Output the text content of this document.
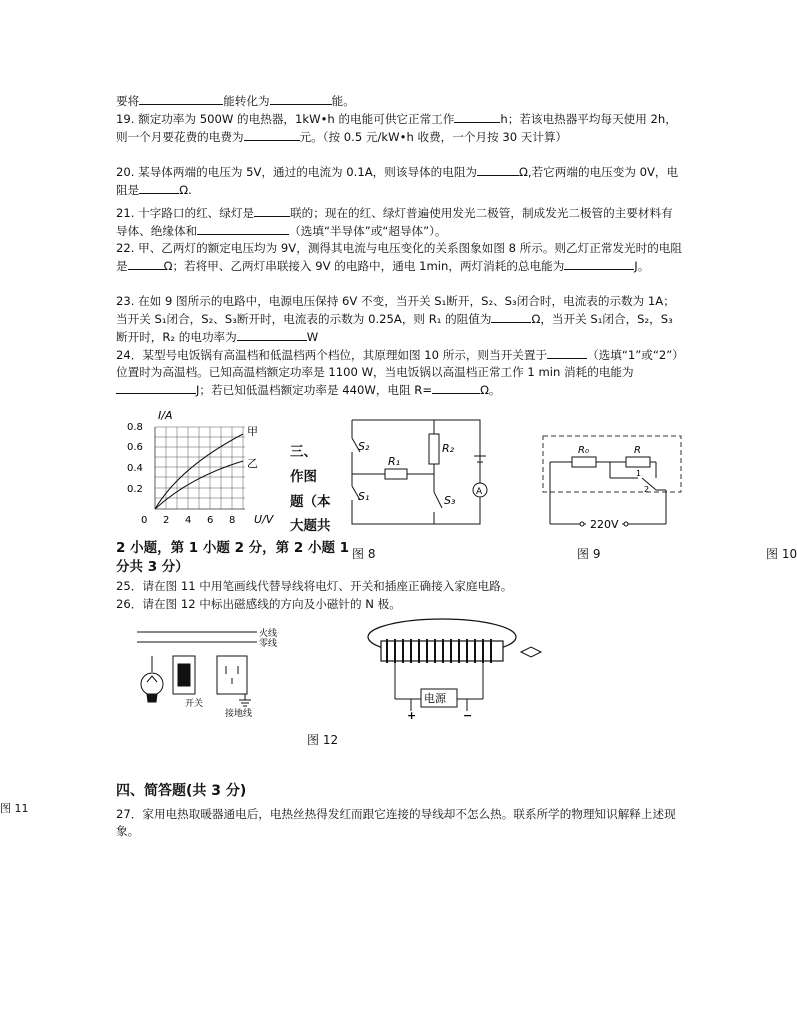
要将	能转化为	能。

19. 额定功率为 500W 的电热器，1kW•h 的电能可供它正常工作	h；若该电热器平均每天使用 2h，则一个月要花费的电费为	元。（按 0.5 元/kW•h 收费，一个月按 30 天计算）

20. 某导体两端的电压为 5V，通过的电流为 0.1A，则该导体的电阻为	Ω,若它两端的电压变为 0V，电阻是	Ω.

21. 十字路口的红、绿灯是	联的；现在的红、绿灯普遍使用发光二极管，制成发光二极管的主要材料有导体、绝缘体和	（选填“半导体”或“超导体”）。

22. 甲、乙两灯的额定电压均为 9V，测得其电流与电压变化的关系图象如图 8 所示。则乙灯正常发光时的电阻是	Ω；若将甲、乙两灯串联接入 9V 的电路中，通电 1min，两灯消耗的总电能为	J。

23. 在如 9 图所示的电路中，电源电压保持 6V 不变，当开关 S₁断开，S₂、S₃闭合时，电流表的示数为 1A；当开关 S₁闭合，S₂、S₃断开时，电流表的示数为 0.25A，则 R₁ 的阻值为	Ω，当开关 S₁闭合，S₂，S₃断开时，R₂ 的电功率为	W

24．某型号电饭锅有高温档和低温档两个档位，其原理如图 10 所示，则当开关置于	（选填“1”或“2”）位置时为高温档。已知高温档额定功率是 1100 W，当电饭锅以高温档正常工作 1 min 消耗的电能为J；若已知低温档额定功率是 440W，电阻 R=	Ω。

I/A
U/V
甲
乙
0.8
0.6
0.4
0.2
0 2 4 6 8
三、
作图
题（本
大题共
2 小题，第 1 小题 2 分，第 2 小题 1
分共 3 分）
S₂
S₁	S₃
R₁
R₂
A
R₀	R
1
2
220V
图 8	图 9	图 10

25．请在图 11 中用笔画线代替导线将电灯、开关和插座正确接入家庭电路。

26．请在图 12 中标出磁感线的方向及小磁针的 N 极。

火线
零线
开关
接地线
电源
+	−
图 12
四、简答题(共 3 分)
图 11	27．家用电热取暖器通电后，电热丝热得发红而跟它连接的导线却不怎么热。联系所学的物理知识解释上述现象。
